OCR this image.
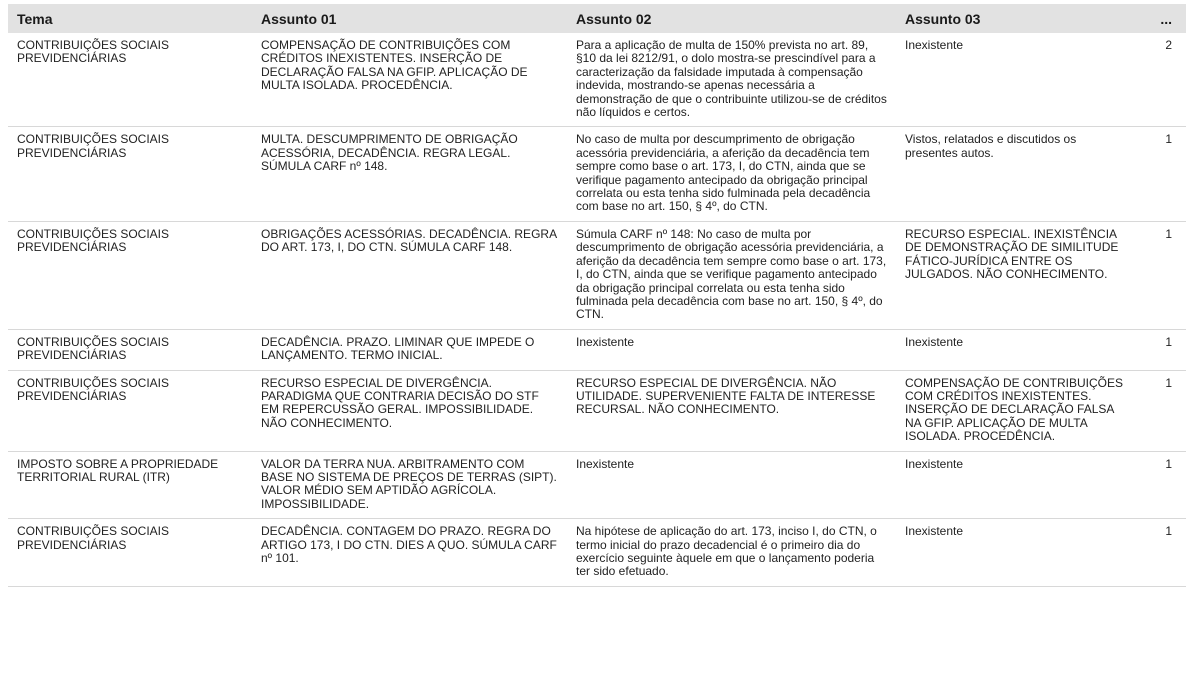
Tema	Assunto 01	Assunto 02	Assunto 03	...
CONTRIBUIÇÕES SOCIAIS PREVIDENCIÁRIAS	COMPENSAÇÃO DE CONTRIBUIÇÕES COM CRÉDITOS INEXISTENTES. INSERÇÃO DE DECLARAÇÃO FALSA NA GFIP. APLICAÇÃO DE MULTA ISOLADA. PROCEDÊNCIA.	Para a aplicação de multa de 150% prevista no art. 89, §10 da lei 8212/91, o dolo mostra-se prescindível para a caracterização da falsidade imputada à compensação indevida, mostrando-se apenas necessária a demonstração de que o contribuinte utilizou-se de créditos não líquidos e certos.	Inexistente	2
CONTRIBUIÇÕES SOCIAIS PREVIDENCIÁRIAS	MULTA. DESCUMPRIMENTO DE OBRIGAÇÃO ACESSÓRIA, DECADÊNCIA. REGRA LEGAL. SÚMULA CARF nº 148.	No caso de multa por descumprimento de obrigação acessória previdenciária, a aferição da decadência tem sempre como base o art. 173, I, do CTN, ainda que se verifique pagamento antecipado da obrigação principal correlata ou esta tenha sido fulminada pela decadência com base no art. 150, § 4º, do CTN.	Vistos, relatados e discutidos os presentes autos.	1
CONTRIBUIÇÕES SOCIAIS PREVIDENCIÁRIAS	OBRIGAÇÕES ACESSÓRIAS. DECADÊNCIA. REGRA DO ART. 173, I, DO CTN. SÚMULA CARF 148.	Súmula CARF nº 148: No caso de multa por descumprimento de obrigação acessória previdenciária, a aferição da decadência tem sempre como base o art. 173, I, do CTN, ainda que se verifique pagamento antecipado da obrigação principal correlata ou esta tenha sido fulminada pela decadência com base no art. 150, § 4º, do CTN.	RECURSO ESPECIAL. INEXISTÊNCIA DE DEMONSTRAÇÃO DE SIMILITUDE FÁTICO-JURÍDICA ENTRE OS JULGADOS. NÃO CONHECIMENTO.	1
CONTRIBUIÇÕES SOCIAIS PREVIDENCIÁRIAS	DECADÊNCIA. PRAZO. LIMINAR QUE IMPEDE O LANÇAMENTO. TERMO INICIAL.	Inexistente	Inexistente	1
CONTRIBUIÇÕES SOCIAIS PREVIDENCIÁRIAS	RECURSO ESPECIAL DE DIVERGÊNCIA. PARADIGMA QUE CONTRARIA DECISÃO DO STF EM REPERCUSSÃO GERAL. IMPOSSIBILIDADE. NÃO CONHECIMENTO.	RECURSO ESPECIAL DE DIVERGÊNCIA. NÃO UTILIDADE. SUPERVENIENTE FALTA DE INTERESSE RECURSAL. NÃO CONHECIMENTO.	COMPENSAÇÃO DE CONTRIBUIÇÕES COM CRÉDITOS INEXISTENTES. INSERÇÃO DE DECLARAÇÃO FALSA NA GFIP. APLICAÇÃO DE MULTA ISOLADA. PROCEDÊNCIA.	1
IMPOSTO SOBRE A PROPRIEDADE TERRITORIAL RURAL (ITR)	VALOR DA TERRA NUA. ARBITRAMENTO COM BASE NO SISTEMA DE PREÇOS DE TERRAS (SIPT). VALOR MÉDIO SEM APTIDÃO AGRÍCOLA. IMPOSSIBILIDADE.	Inexistente	Inexistente	1
CONTRIBUIÇÕES SOCIAIS PREVIDENCIÁRIAS	DECADÊNCIA. CONTAGEM DO PRAZO. REGRA DO ARTIGO 173, I DO CTN. DIES A QUO. SÚMULA CARF nº 101.	Na hipótese de aplicação do art. 173, inciso I, do CTN, o termo inicial do prazo decadencial é o primeiro dia do exercício seguinte àquele em que o lançamento poderia ter sido efetuado.	Inexistente	1
